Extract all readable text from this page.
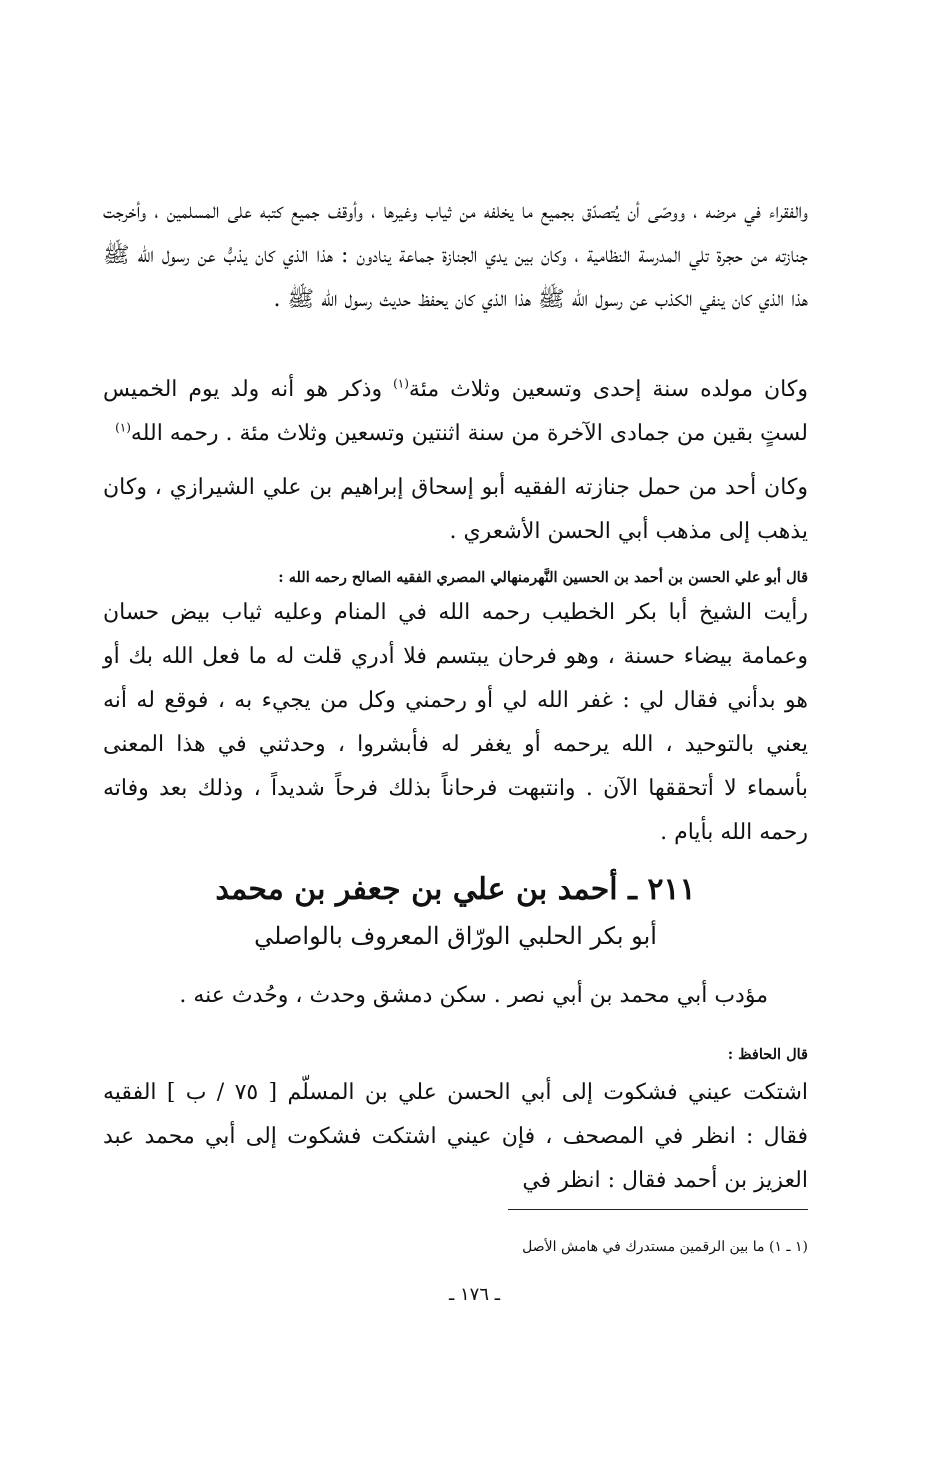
والفقراء في مرضه ، ووصّى أن يُتصدّق بجميع ما يخلفه من ثياب وغيرها ، وأوقف جميع كتبه على المسلمين ، وأخرجت جنازته من حجرة تلي المدرسة النظامية ، وكان بين يدي الجنازة جماعة ينادون : هذا الذي كان يذبُّ عن رسول الله ﷺ هذا الذي كان ينفي الكذب عن رسول الله ﷺ هذا الذي كان يحفظ حديث رسول الله ﷺ .

وكان مولده سنة إحدى وتسعين وثلاث مئة$^{(١)}$ وذكر هو أنه ولد يوم الخميس لستٍ بقين من جمادى الآخرة من سنة اثنتين وتسعين وثلاث مئة . رحمه الله$^{(١)}$

وكان أحد من حمل جنازته الفقيه أبو إسحاق إبراهيم بن علي الشيرازي ، وكان يذهب إلى مذهب أبي الحسن الأشعري .

قال أبو علي الحسن بن أحمد بن الحسين النَّهرمنهالي المصري الفقيه الصالح رحمه الله :

رأيت الشيخ أبا بكر الخطيب رحمه الله في المنام وعليه ثياب بيض حسان وعمامة بيضاء حسنة ، وهو فرحان يبتسم فلا أدري قلت له ما فعل الله بك أو هو بدأني فقال لي : غفر الله لي أو رحمني وكل من يجيء به ، فوقع له أنه يعني بالتوحيد ، الله يرحمه أو يغفر له فأبشروا ، وحدثني في هذا المعنى بأسماء لا أتحققها الآن . وانتبهت فرحاناً بذلك فرحاً شديداً ، وذلك بعد وفاته رحمه الله بأيام .

٢١١ ـ أحمد بن علي بن جعفر بن محمد
أبو بكر الحلبي الورّاق المعروف بالواصلي

مؤدب أبي محمد بن أبي نصر . سكن دمشق وحدث ، وحُدث عنه .

قال الحافظ :

اشتكت عيني فشكوت إلى أبي الحسن علي بن المسلّم [ ٧٥ / ب ] الفقيه فقال : انظر في المصحف ، فإن عيني اشتكت فشكوت إلى أبي محمد عبد العزيز بن أحمد فقال : انظر في

(١ ـ ١) ما بين الرقمين مستدرك في هامش الأصل
ـ ١٧٦ ـ
